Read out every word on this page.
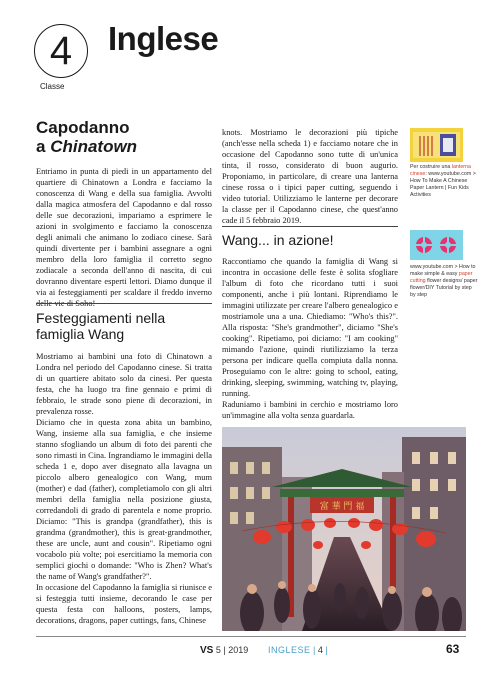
4
Classe
Inglese
Capodanno
a Chinatown

Entriamo in punta di piedi in un appartamento del quartiere di Chinatown a Londra e facciamo la conoscenza di Wang e della sua famiglia. Avvolti dalla magica atmosfera del Capodanno e dal rosso delle sue decorazioni, impariamo a esprimere le azioni in svolgimento e facciamo la conoscenza degli animali che animano lo zodiaco cinese. Sarà quindi divertente per i bambini assegnare a ogni membro della loro famiglia il corretto segno zodiacale a seconda dell'anno di nascita, di cui dovranno diventare esperti lettori. Diamo dunque il via ai festeggiamenti per scaldare il freddo inverno delle vie di Soho!

Festeggiamenti nella famiglia Wang

Mostriamo ai bambini una foto di Chinatown a Londra nel periodo del Capodanno cinese. Si tratta di un quartiere abitato solo da cinesi. Per questa festa, che ha luogo tra fine gennaio e primi di febbraio, le strade sono piene di decorazioni, in prevalenza rosse.

Diciamo che in questa zona abita un bambino, Wang, insieme alla sua famiglia, e che insieme stanno sfogliando un album di foto dei parenti che sono rimasti in Cina. Ingrandiamo le immagini della scheda 1 e, dopo aver disegnato alla lavagna un piccolo albero genealogico con Wang, mum (mother) e dad (father), completiamolo con gli altri membri della famiglia nella posizione giusta, corredandoli di grado di parentela e nome proprio. Diciamo: "This is grandpa (grandfather), this is grandma (grandmother), this is great-grandmother, these are uncle, aunt and cousin". Ripetiamo ogni vocabolo più volte; poi esercitiamo la memoria con semplici giochi o domande: "Who is Zhen? What's the name of Wang's grandfather?".

In occasione del Capodanno la famiglia si riunisce e si festeggia tutti insieme, decorando le case per questa festa con halloons, posters, lamps, decorations, dragons, paper cuttings, fans, Chinese

knots. Mostriamo le decorazioni più tipiche (anch'esse nella scheda 1) e facciamo notare che in occasione del Capodanno sono tutte di un'unica tinta, il rosso, considerato di buon augurio. Proponiamo, in particolare, di creare una lanterna cinese rossa o i tipici paper cutting, seguendo i video tutorial. Utilizziamo le lanterne per decorare la classe per il Capodanno cinese, che quest'anno cade il 5 febbraio 2019.

Wang... in azione!

Raccontiamo che quando la famiglia di Wang si incontra in occasione delle feste è solita sfogliare l'album di foto che ricordano tutti i suoi componenti, anche i più lontani. Riprendiamo le immagini utilizzate per creare l'albero genealogico e mostriamole una a una. Chiediamo: "Who's this?". Alla risposta: "She's grandmother", diciamo "She's cooking". Ripetiamo, poi diciamo: "I am cooking" mimando l'azione, quindi riutilizziamo la terza persona per indicare quella compiuta dalla nonna. Proseguiamo con le altre: going to school, eating, drinking, sleeping, swimming, watching tv, playing, running.

Raduniamo i bambini in cerchio e mostriamo loro un'immagine alla volta senza guardarla.

Per costruire una lanterna cinese: www.youtube.com > How To Make A Chinese Paper Lantern | Fun Kids Activities
www.youtube.com > How to make simple & easy paper cutting flower designs/ paper flower/DIY Tutorial by step by step
富 華 門 福
VS 5 | 2019 INGLESE | 4 |	63
